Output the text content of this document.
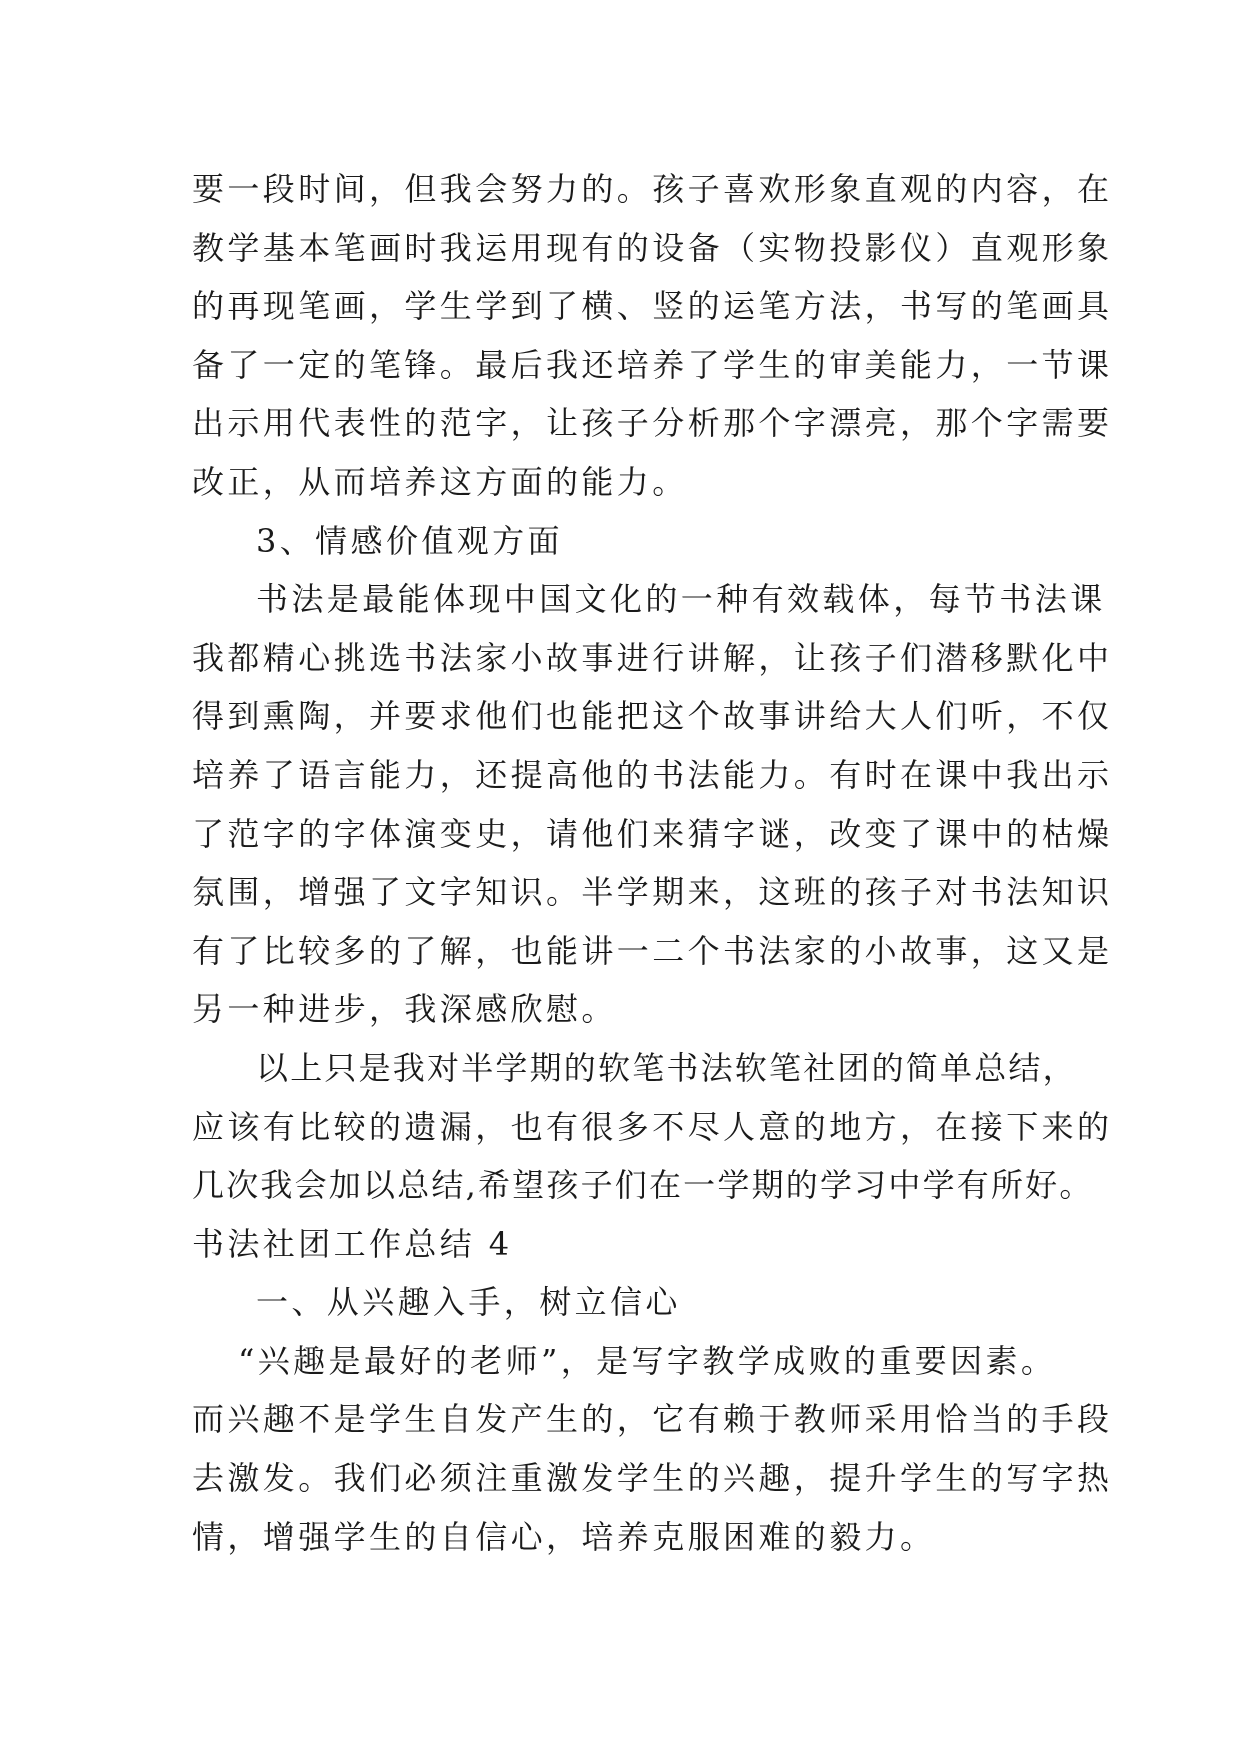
要一段时间，但我会努力的。孩子喜欢形象直观的内容，在
教学基本笔画时我运用现有的设备（实物投影仪）直观形象
的再现笔画，学生学到了横、竖的运笔方法，书写的笔画具
备了一定的笔锋。最后我还培养了学生的审美能力，一节课
出示用代表性的范字，让孩子分析那个字漂亮，那个字需要
改正，从而培养这方面的能力。
3、情感价值观方面
书法是最能体现中国文化的一种有效载体，每节书法课
我都精心挑选书法家小故事进行讲解，让孩子们潜移默化中
得到熏陶，并要求他们也能把这个故事讲给大人们听，不仅
培养了语言能力，还提高他的书法能力。有时在课中我出示
了范字的字体演变史，请他们来猜字谜，改变了课中的枯燥
氛围，增强了文字知识。半学期来，这班的孩子对书法知识
有了比较多的了解，也能讲一二个书法家的小故事，这又是
另一种进步，我深感欣慰。
以上只是我对半学期的软笔书法软笔社团的简单总结，
应该有比较的遗漏，也有很多不尽人意的地方，在接下来的
几次我会加以总结,希望孩子们在一学期的学习中学有所好。
书法社团工作总结 4
一、从兴趣入手，树立信心
“兴趣是最好的老师”，是写字教学成败的重要因素。
而兴趣不是学生自发产生的，它有赖于教师采用恰当的手段
去激发。我们必须注重激发学生的兴趣，提升学生的写字热
情，增强学生的自信心，培养克服困难的毅力。
